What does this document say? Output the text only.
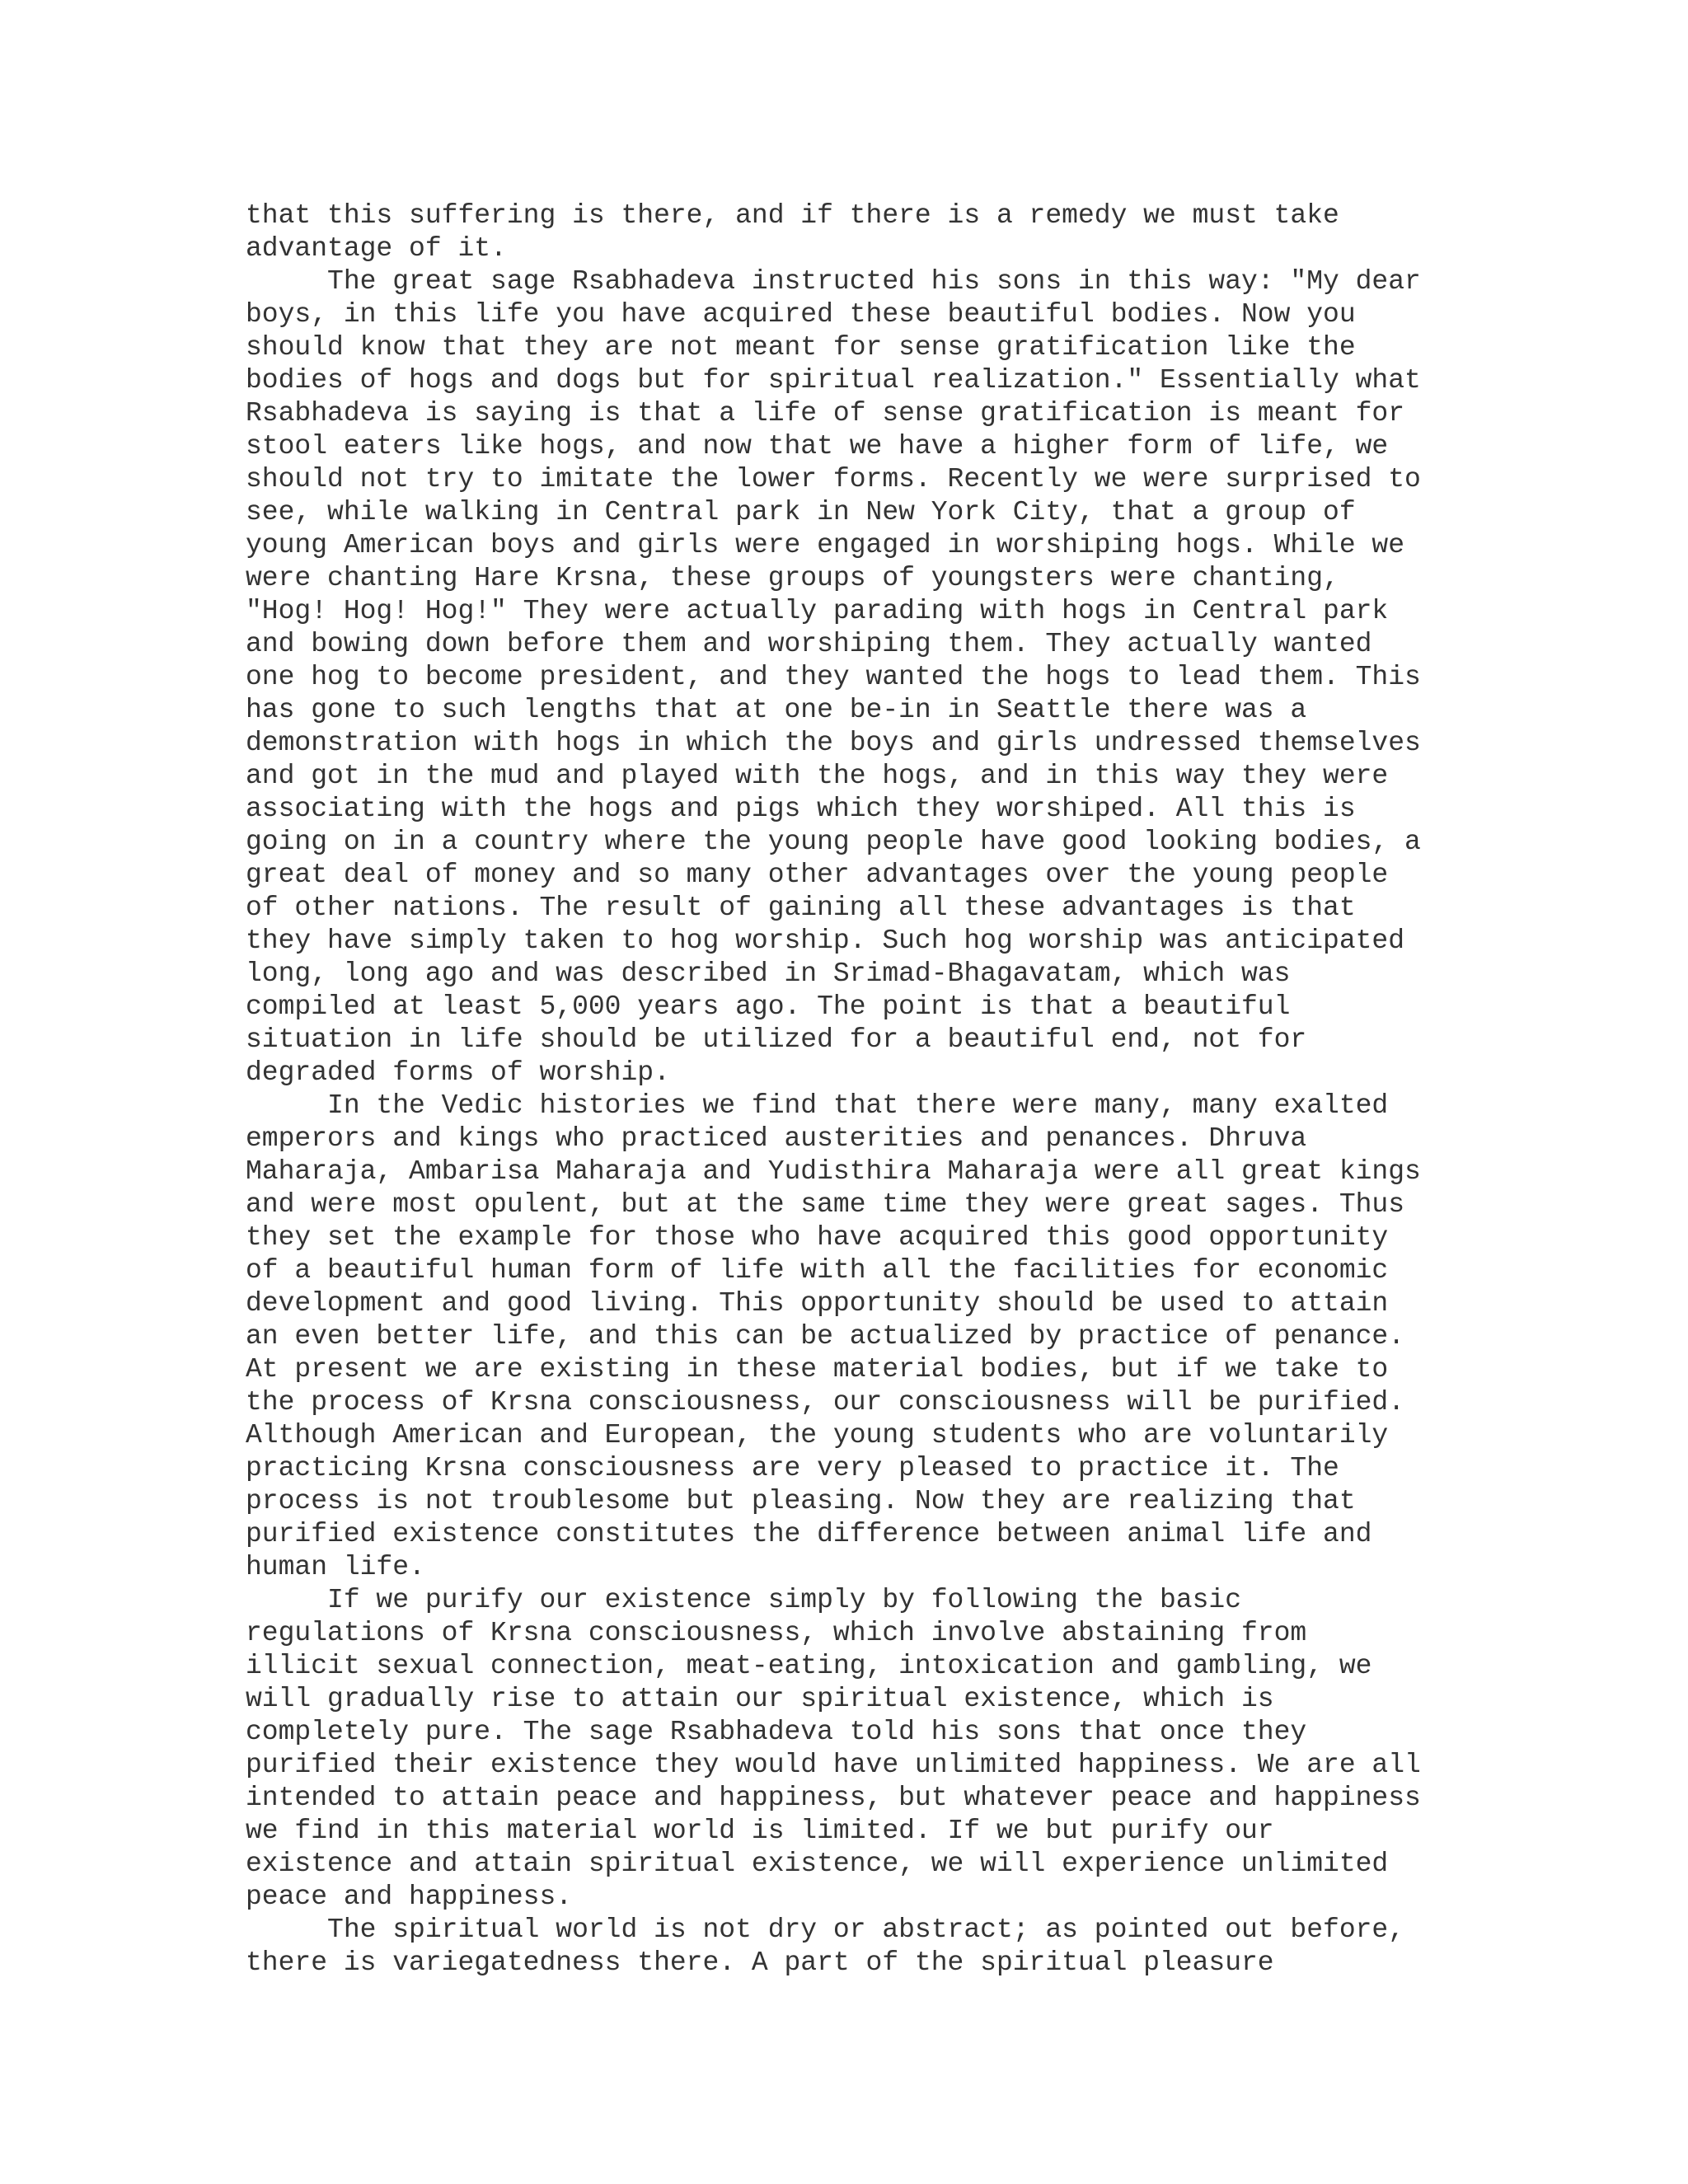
that this suffering is there, and if there is a remedy we must take
advantage of it.
The great sage Rsabhadeva instructed his sons in this way: "My dear
boys, in this life you have acquired these beautiful bodies. Now you
should know that they are not meant for sense gratification like the
bodies of hogs and dogs but for spiritual realization." Essentially what
Rsabhadeva is saying is that a life of sense gratification is meant for
stool eaters like hogs, and now that we have a higher form of life, we
should not try to imitate the lower forms. Recently we were surprised to
see, while walking in Central park in New York City, that a group of
young American boys and girls were engaged in worshiping hogs. While we
were chanting Hare Krsna, these groups of youngsters were chanting,
"Hog! Hog! Hog!" They were actually parading with hogs in Central park
and bowing down before them and worshiping them. They actually wanted
one hog to become president, and they wanted the hogs to lead them. This
has gone to such lengths that at one be-in in Seattle there was a
demonstration with hogs in which the boys and girls undressed themselves
and got in the mud and played with the hogs, and in this way they were
associating with the hogs and pigs which they worshiped. All this is
going on in a country where the young people have good looking bodies, a
great deal of money and so many other advantages over the young people
of other nations. The result of gaining all these advantages is that
they have simply taken to hog worship. Such hog worship was anticipated
long, long ago and was described in Srimad-Bhagavatam, which was
compiled at least 5,000 years ago. The point is that a beautiful
situation in life should be utilized for a beautiful end, not for
degraded forms of worship.
In the Vedic histories we find that there were many, many exalted
emperors and kings who practiced austerities and penances. Dhruva
Maharaja, Ambarisa Maharaja and Yudisthira Maharaja were all great kings
and were most opulent, but at the same time they were great sages. Thus
they set the example for those who have acquired this good opportunity
of a beautiful human form of life with all the facilities for economic
development and good living. This opportunity should be used to attain
an even better life, and this can be actualized by practice of penance.
At present we are existing in these material bodies, but if we take to
the process of Krsna consciousness, our consciousness will be purified.
Although American and European, the young students who are voluntarily
practicing Krsna consciousness are very pleased to practice it. The
process is not troublesome but pleasing. Now they are realizing that
purified existence constitutes the difference between animal life and
human life.
If we purify our existence simply by following the basic
regulations of Krsna consciousness, which involve abstaining from
illicit sexual connection, meat-eating, intoxication and gambling, we
will gradually rise to attain our spiritual existence, which is
completely pure. The sage Rsabhadeva told his sons that once they
purified their existence they would have unlimited happiness. We are all
intended to attain peace and happiness, but whatever peace and happiness
we find in this material world is limited. If we but purify our
existence and attain spiritual existence, we will experience unlimited
peace and happiness.
The spiritual world is not dry or abstract; as pointed out before,
there is variegatedness there. A part of the spiritual pleasure
